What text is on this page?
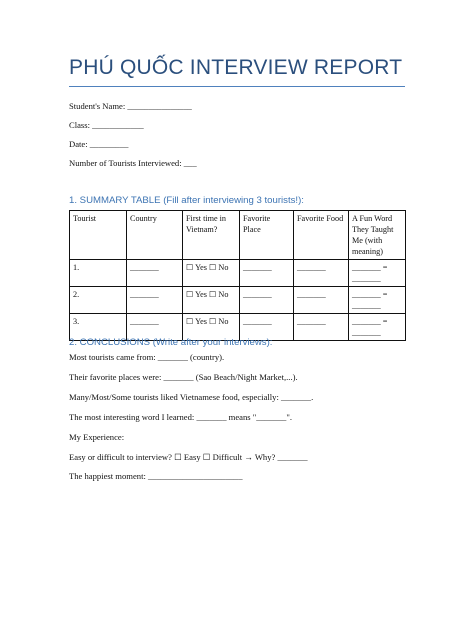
PHÚ QUỐC INTERVIEW REPORT
Student's Name: _______________
Class: ____________
Date: _________
Number of Tourists Interviewed: ___
1. SUMMARY TABLE (Fill after interviewing 3 tourists!):
Tourist	Country	First time in Vietnam?	Favorite Place	Favorite Food	A Fun Word They Taught Me (with meaning)
1.	_______	☐ Yes ☐ No	_______	_______	_______ = _______
2.	_______	☐ Yes ☐ No	_______	_______	_______ = _______
3.	_______	☐ Yes ☐ No	_______	_______	_______ = _______
2. CONCLUSIONS (Write after your interviews):
Most tourists came from: _______ (country).
Their favorite places were: _______ (Sao Beach/Night Market,...).
Many/Most/Some tourists liked Vietnamese food, especially: _______.
The most interesting word I learned: _______ means "_______".
My Experience:
Easy or difficult to interview? ☐ Easy ☐ Difficult → Why? _______
The happiest moment: ______________________
